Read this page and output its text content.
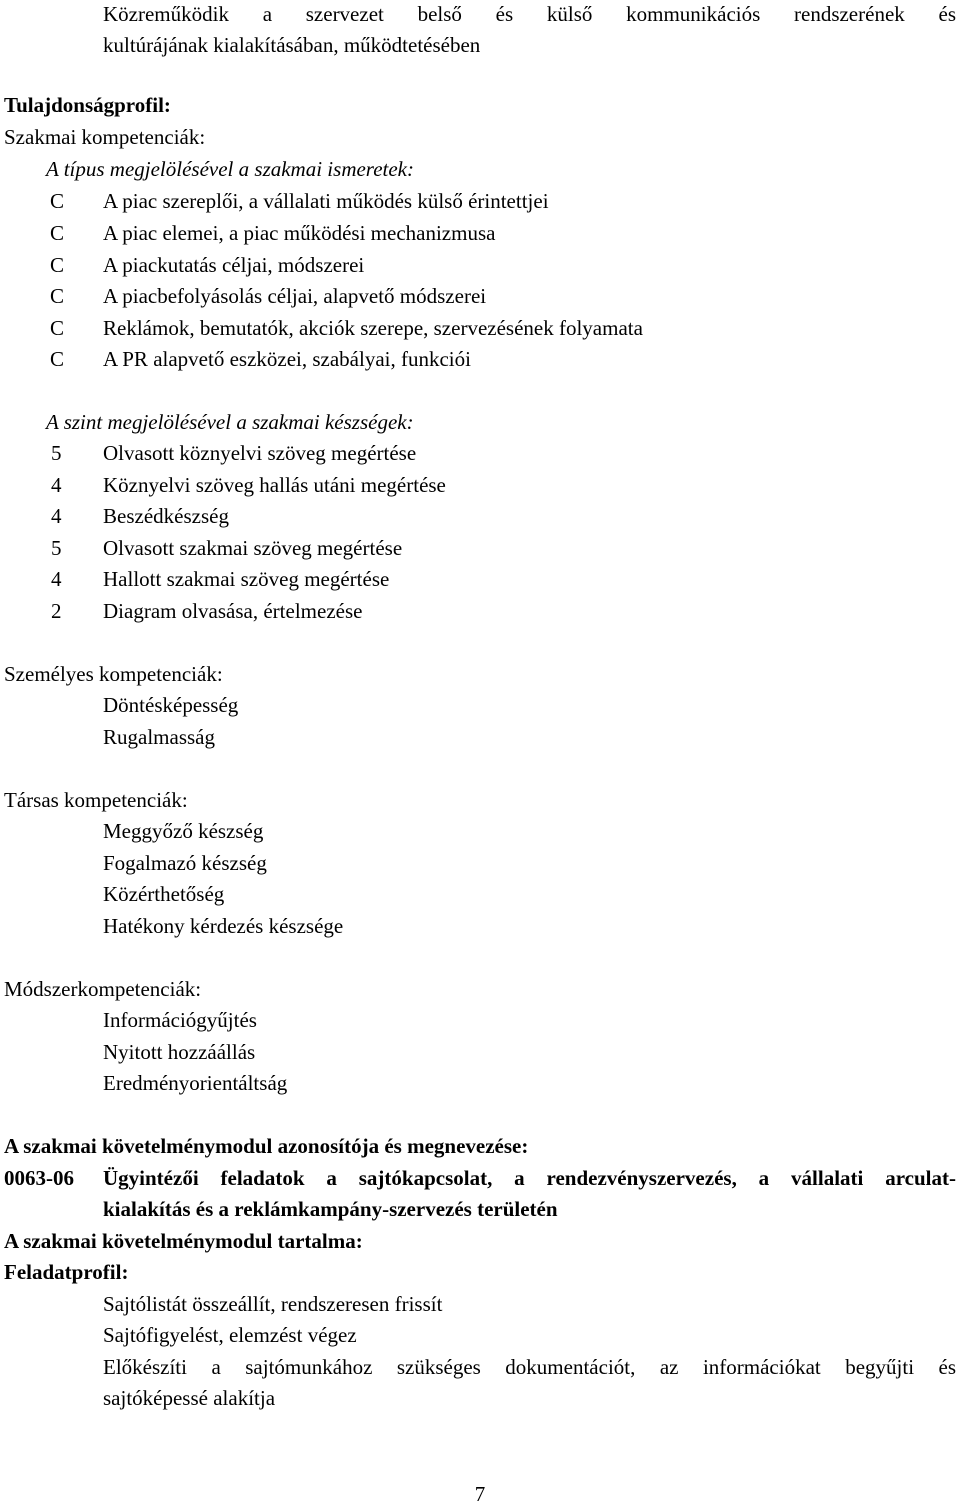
Közreműködik a szervezet belső és külső kommunikációs rendszerének és
kultúrájának kialakításában, működtetésében
Tulajdonságprofil:
Szakmai kompetenciák:
A típus megjelölésével a szakmai ismeretek:
C A piac szereplői, a vállalati működés külső érintettjei
C A piac elemei, a piac működési mechanizmusa
C A piackutatás céljai, módszerei
C A piacbefolyásolás céljai, alapvető módszerei
C Reklámok, bemutatók, akciók szerepe, szervezésének folyamata
C A PR alapvető eszközei, szabályai, funkciói
A szint megjelölésével a szakmai készségek:
5 Olvasott köznyelvi szöveg megértése
4 Köznyelvi szöveg hallás utáni megértése
4 Beszédkészség
5 Olvasott szakmai szöveg megértése
4 Hallott szakmai szöveg megértése
2 Diagram olvasása, értelmezése
Személyes kompetenciák:
Döntésképesség
Rugalmasság
Társas kompetenciák:
Meggyőző készség
Fogalmazó készség
Közérthetőség
Hatékony kérdezés készsége
Módszerkompetenciák:
Információgyűjtés
Nyitott hozzáállás
Eredményorientáltság
A szakmai követelménymodul azonosítója és megnevezése:
0063-06 Ügyintézői feladatok a sajtókapcsolat, a rendezvényszervezés, a vállalati arculat-
kialakítás és a reklámkampány-szervezés területén
A szakmai követelménymodul tartalma:
Feladatprofil:
Sajtólistát összeállít, rendszeresen frissít
Sajtófigyelést, elemzést végez
Előkészíti a sajtómunkához szükséges dokumentációt, az információkat begyűjti és
sajtóképessé alakítja
7
